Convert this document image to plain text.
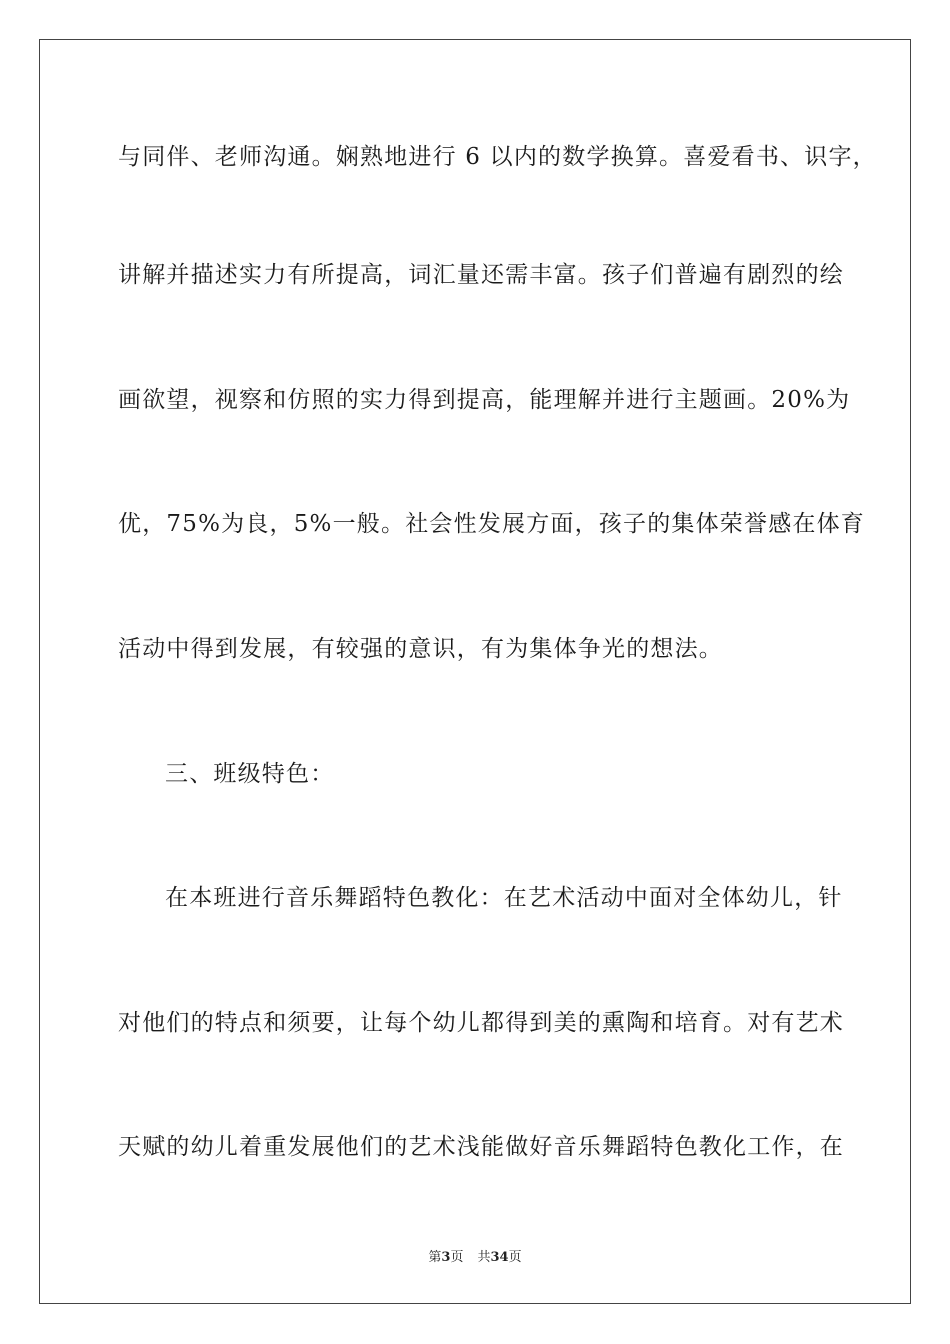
与同伴、老师沟通。娴熟地进行 6 以内的数学换算。喜爱看书、识字，
讲解并描述实力有所提高，词汇量还需丰富。孩子们普遍有剧烈的绘
画欲望，视察和仿照的实力得到提高，能理解并进行主题画。20%为
优，75%为良，5%一般。社会性发展方面，孩子的集体荣誉感在体育
活动中得到发展，有较强的意识，有为集体争光的想法。
三、班级特色：
在本班进行音乐舞蹈特色教化：在艺术活动中面对全体幼儿，针
对他们的特点和须要，让每个幼儿都得到美的熏陶和培育。对有艺术
天赋的幼儿着重发展他们的艺术浅能做好音乐舞蹈特色教化工作，在
第3页 共34页
